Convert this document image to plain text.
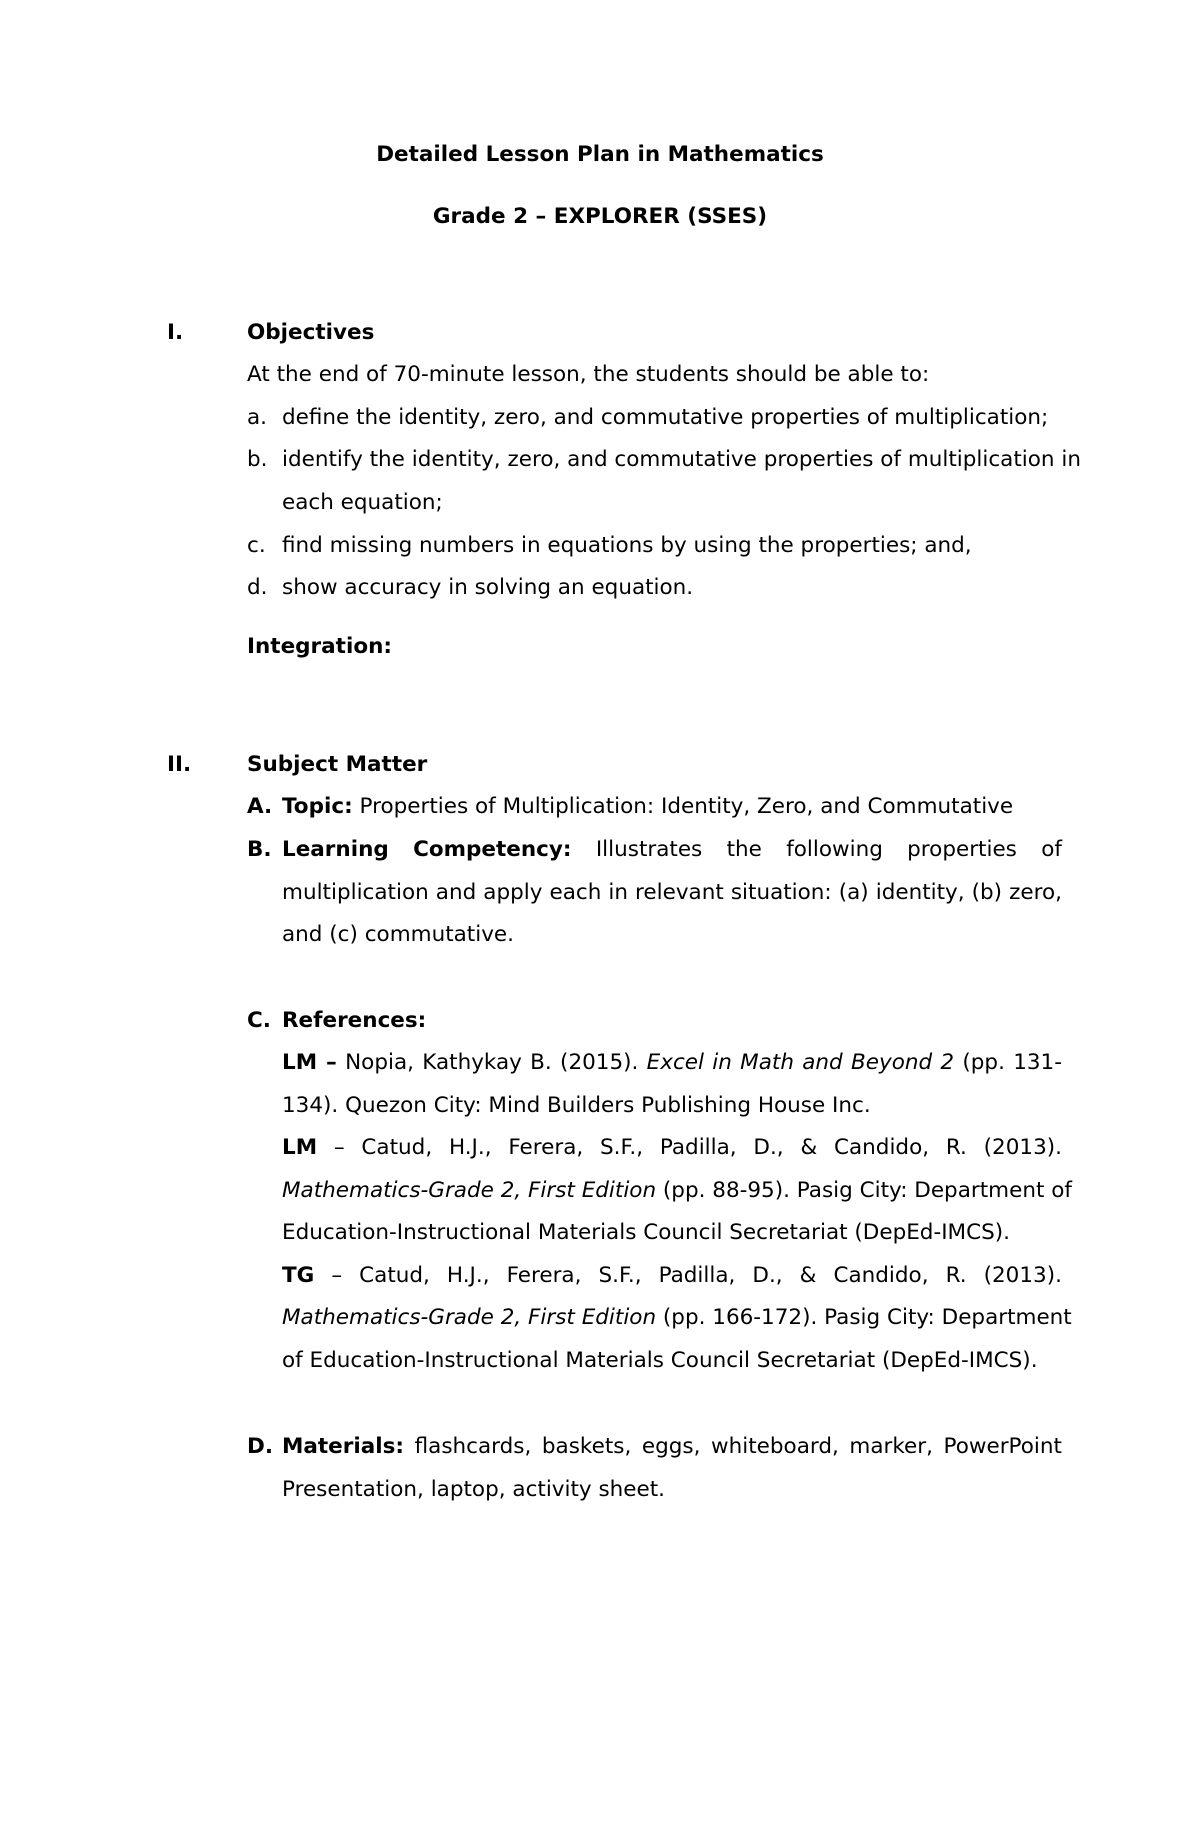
Detailed Lesson Plan in Mathematics
Grade 2 – EXPLORER (SSES)
I.	Objectives
At the end of 70-minute lesson, the students should be able to:
a. define the identity, zero, and commutative properties of multiplication;
b. identify the identity, zero, and commutative properties of multiplication in
each equation;
c. find missing numbers in equations by using the properties; and,
d. show accuracy in solving an equation.
Integration:
II.	Subject Matter
A. Topic: Properties of Multiplication: Identity, Zero, and Commutative
B. Learning Competency: Illustrates the following properties of
multiplication and apply each in relevant situation: (a) identity, (b) zero,
and (c) commutative.
C. References:
LM – Nopia, Kathykay B. (2015). Excel in Math and Beyond 2 (pp. 131-
134). Quezon City: Mind Builders Publishing House Inc.
LM – Catud, H.J., Ferera, S.F., Padilla, D., & Candido, R. (2013).
Mathematics-Grade 2, First Edition (pp. 88-95). Pasig City: Department of
Education-Instructional Materials Council Secretariat (DepEd-IMCS).
TG – Catud, H.J., Ferera, S.F., Padilla, D., & Candido, R. (2013).
Mathematics-Grade 2, First Edition (pp. 166-172). Pasig City: Department
of Education-Instructional Materials Council Secretariat (DepEd-IMCS).
D. Materials: flashcards, baskets, eggs, whiteboard, marker, PowerPoint
Presentation, laptop, activity sheet.
